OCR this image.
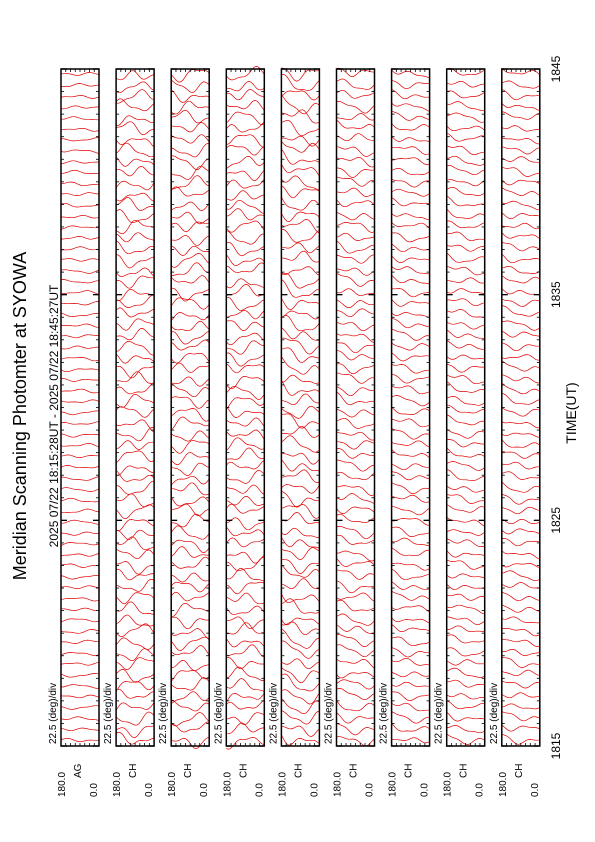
Meridian Scanning Photomter at SYOWA 2025 07/22 18:15:28UT - 2025 07/22 18:45:27UT	TIME(UT)
180.0 0.0
AG
22.5 (deg)/div
180.0 0.0
CH
22.5 (deg)/div
180.0 0.0
CH
22.5 (deg)/div
180.0 0.0
CH
22.5 (deg)/div
180.0 0.0
CH
22.5 (deg)/div
180.0 0.0
CH
22.5 (deg)/div
180.0 0.0
CH
22.5 (deg)/div
180.0 0.0
CH
22.5 (deg)/div
180.0 0.0
CH
22.5 (deg)/div
1815
1825
1835
1845
